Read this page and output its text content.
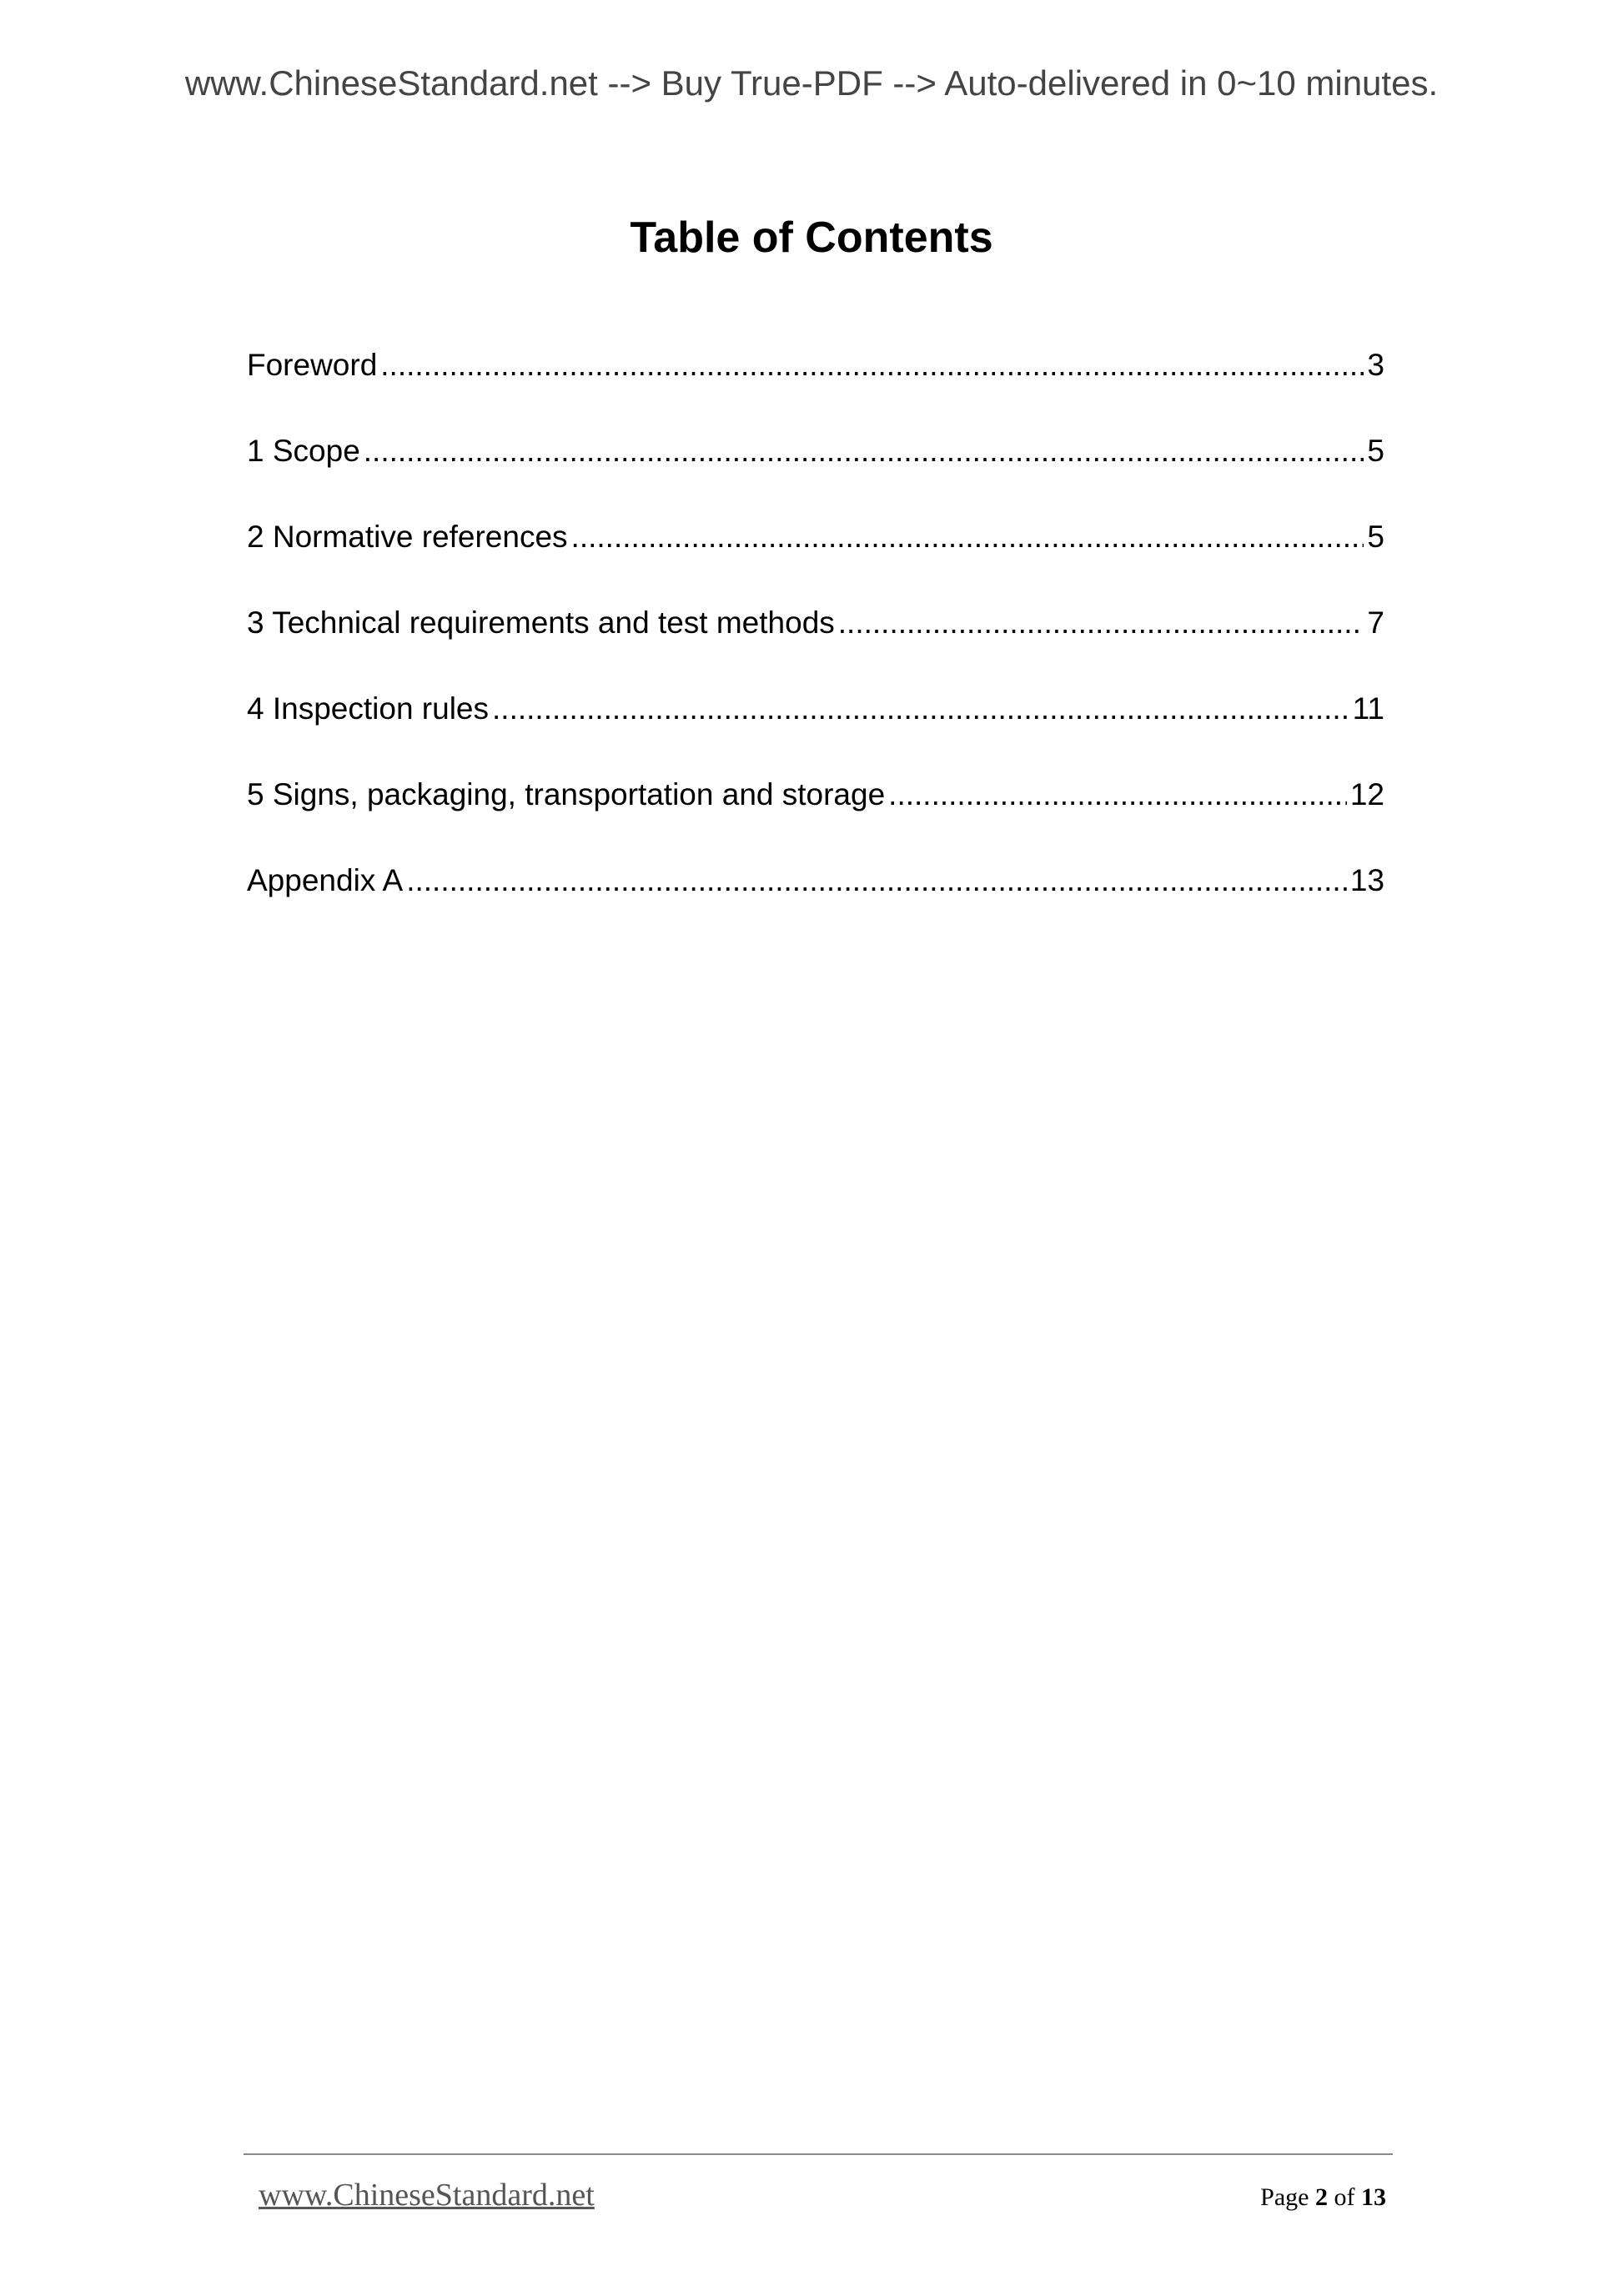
www.ChineseStandard.net --> Buy True-PDF --> Auto-delivered in 0~10 minutes.
Table of Contents
Foreword .....	3
1 Scope .....	5
2 Normative references .....	5
3 Technical requirements and test methods .....	7
4 Inspection rules .....	11
5 Signs, packaging, transportation and storage .....	12
Appendix A .....	13
www.ChineseStandard.net	Page 2 of 13
